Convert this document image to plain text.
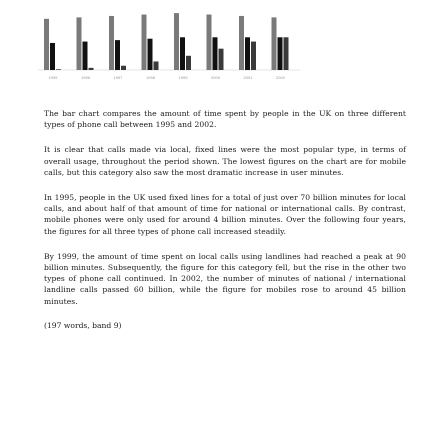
1995	1996	1997	1998	1999	2000	2001	2002

The bar chart compares the amount of time spent by people in the UK on three different types of phone call between 1995 and 2002.

It is clear that calls made via local, fixed lines were the most popular type, in terms of overall usage, throughout the period shown. The lowest figures on the chart are for mobile calls, but this category also saw the most dramatic increase in user minutes.

In 1995, people in the UK used fixed lines for a total of just over 70 billion minutes for local calls, and about half of that amount of time for national or international calls. By contrast, mobile phones were only used for around 4 billion minutes. Over the following four years, the figures for all three types of phone call increased steadily.

By 1999, the amount of time spent on local calls using landlines had reached a peak at 90 billion minutes. Subsequently, the figure for this category fell, but the rise in the other two types of phone call continued. In 2002, the number of minutes of national / international landline calls passed 60 billion, while the figure for mobiles rose to around 45 billion minutes.

(197 words, band 9)
